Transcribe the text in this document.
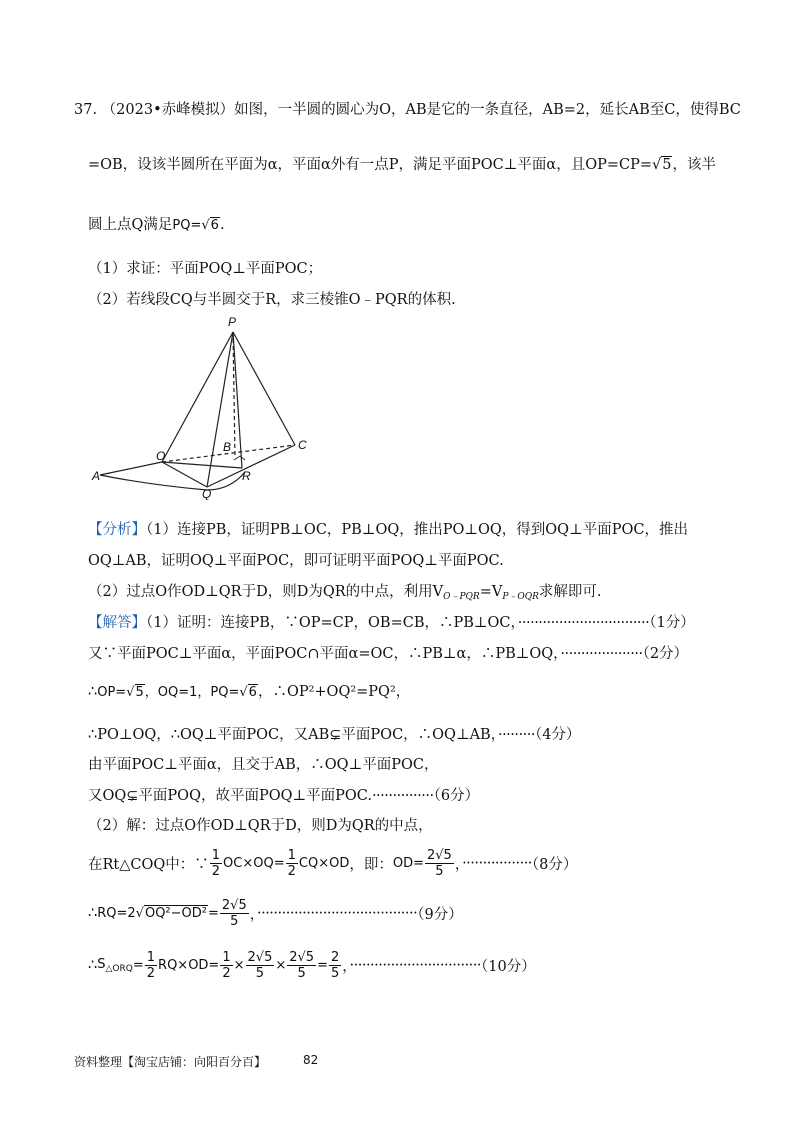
37. （2023•赤峰模拟）如图，一半圆的圆心为O，AB是它的一条直径，AB=2，延长AB至C，使得BC
=OB，设该半圆所在平面为α，平面α外有一点P，满足平面POC⊥平面α，且OP=CP=√5，该半
圆上点Q满足PQ=√6.
（1）求证：平面POQ⊥平面POC；
（2）若线段CQ与半圆交于R，求三棱锥O﹣PQR的体积.
P
A
O
B	C
Q
R
【分析】（1）连接PB，证明PB⊥OC，PB⊥OQ，推出PO⊥OQ，得到OQ⊥平面POC，推出
OQ⊥AB，证明OQ⊥平面POC，即可证明平面POQ⊥平面POC.
（2）过点O作OD⊥QR于D，则D为QR的中点，利用$V_{O﹣PQR}=V_{P﹣OQR}$求解即可.
【解答】（1）证明：连接PB，∵OP=CP，OB=CB，∴PB⊥OC，································（1分）
又∵平面POC⊥平面α，平面POC∩平面α=OC，∴PB⊥α，∴PB⊥OQ，····················（2分）
∴OP=√5，OQ=1，PQ=√6，∴OP²+OQ²=PQ²，
∴PO⊥OQ，∴OQ⊥平面POC，又AB⊊平面POC，∴OQ⊥AB，·········（4分）
由平面POC⊥平面α，且交于AB，∴OQ⊥平面POC，
又OQ⊊平面POQ，故平面POQ⊥平面POC.···············（6分）
（2）解：过点O作OD⊥QR于D，则D为QR的中点，
在Rt△COQ中：∵ $\frac{1}{2} OC\times OQ= \frac{1}{2} CQ\times OD$，即：$OD= \frac{2√5}{5}$ ，·················（8分）
∴RQ=2√OQ²−OD²= $\frac{2√5}{5}$ ，·······································（9分）
$\therefore S_{\triangle ORQ}= \frac{1}{2} RQ\times OD= \frac{1}{2} \times \frac{2√5}{5} \times \frac{2√5}{5} = \frac{2}{5}$ ，································（10分）
资料整理【淘宝店铺：向阳百分百】	82
